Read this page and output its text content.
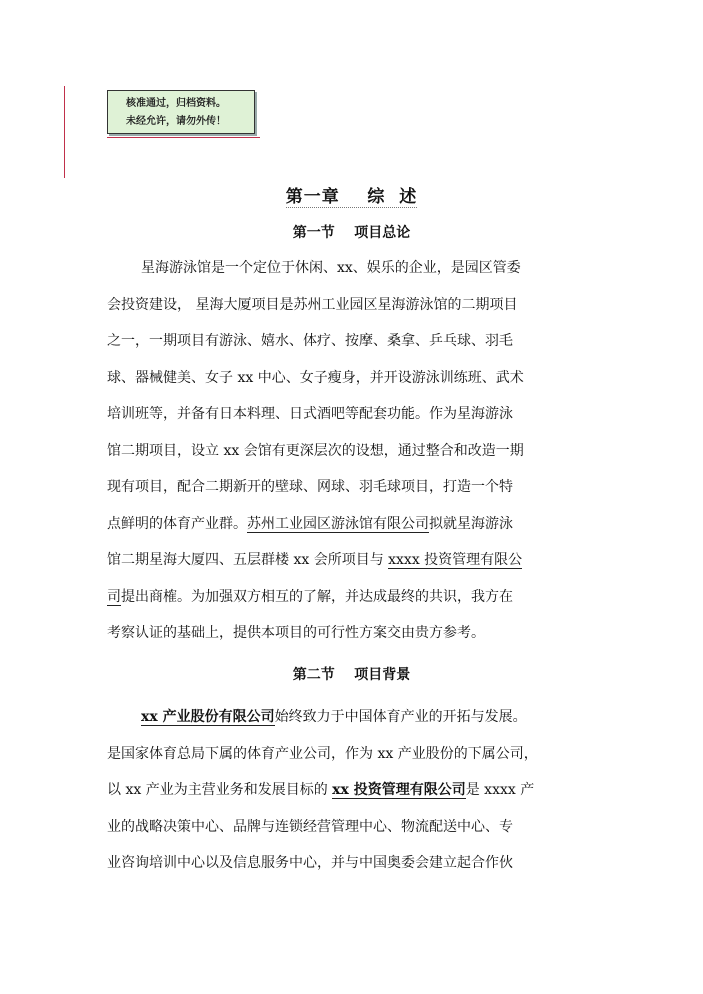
核准通过，归档资料。
未经允许，请勿外传！
第一章    综  述
第一节    项目总论
星海游泳馆是一个定位于休闲、xx、娱乐的企业，是园区管委
会投资建设， 星海大厦项目是苏州工业园区星海游泳馆的二期项目
之一，一期项目有游泳、嬉水、体疗、按摩、桑拿、乒乓球、羽毛
球、器械健美、女子 xx 中心、女子瘦身，并开设游泳训练班、武术
培训班等，并备有日本料理、日式酒吧等配套功能。作为星海游泳
馆二期项目，设立 xx 会馆有更深层次的设想，通过整合和改造一期
现有项目，配合二期新开的壁球、网球、羽毛球项目，打造一个特
点鲜明的体育产业群。苏州工业园区游泳馆有限公司拟就星海游泳
馆二期星海大厦四、五层群楼 xx 会所项目与 xxxx 投资管理有限公
司提出商榷。为加强双方相互的了解，并达成最终的共识，我方在
考察认证的基础上，提供本项目的可行性方案交由贵方参考。
第二节    项目背景
xx 产业股份有限公司始终致力于中国体育产业的开拓与发展。
是国家体育总局下属的体育产业公司，作为 xx 产业股份的下属公司，
以 xx 产业为主营业务和发展目标的 xx 投资管理有限公司是 xxxx 产
业的战略决策中心、品牌与连锁经营管理中心、物流配送中心、专
业咨询培训中心以及信息服务中心，并与中国奥委会建立起合作伙
